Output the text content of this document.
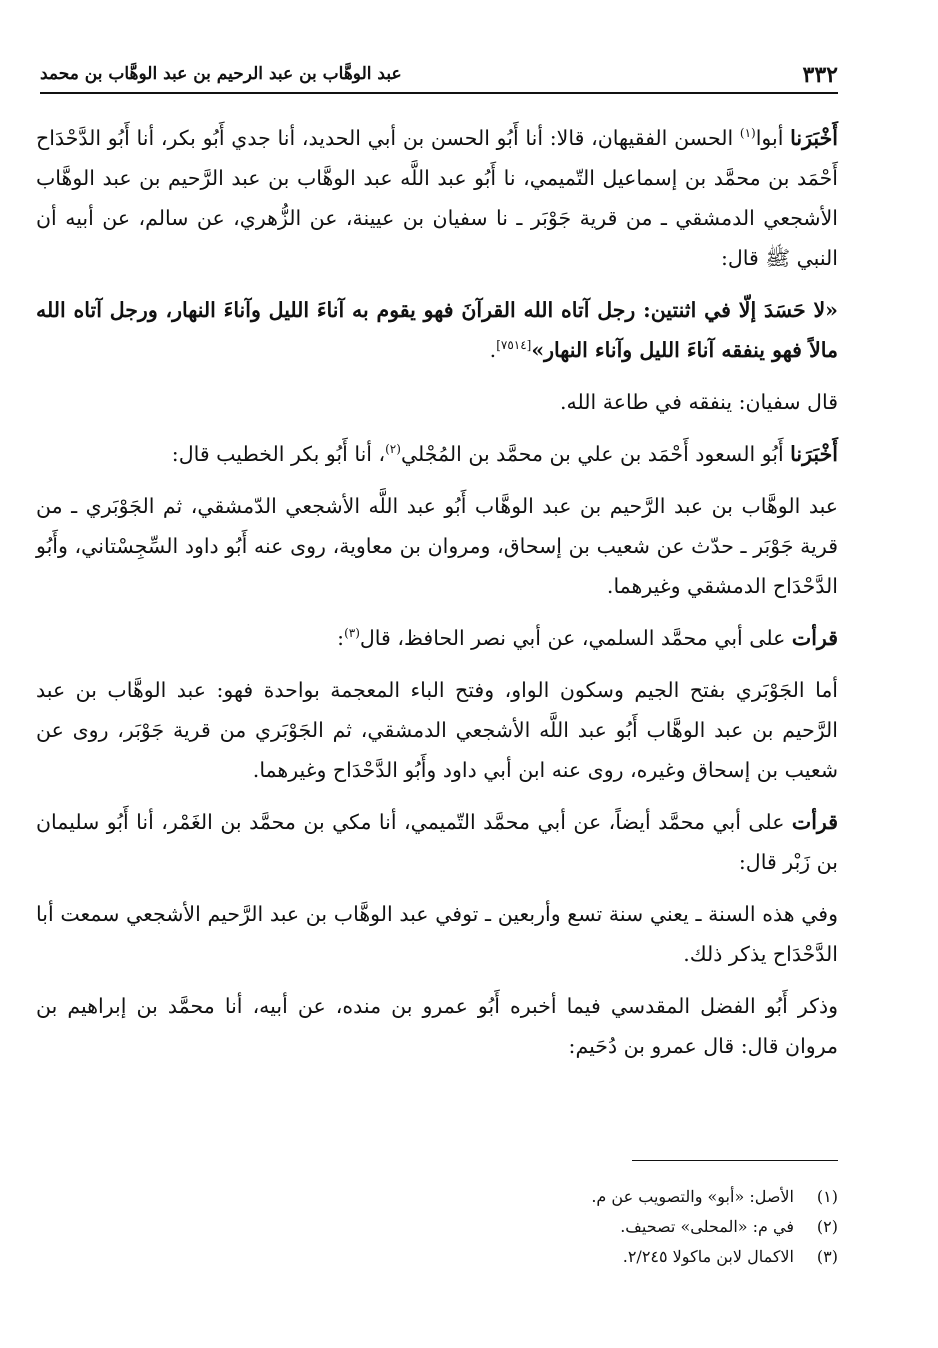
٣٣٢
عبد الوهَّاب بن عبد الرحيم بن عبد الوهَّاب بن محمد

أَخْبَرَنا أبوا$^{(١)}$ الحسن الفقيهان، قالا: أنا أَبُو الحسن بن أبي الحديد، أنا جدي أَبُو بكر، أنا أَبُو الدَّحْدَاح أَحْمَد بن محمَّد بن إسماعيل التّميمي، نا أَبُو عبد اللَّه عبد الوهَّاب بن عبد الرَّحيم بن عبد الوهَّاب الأشجعي الدمشقي ـ من قرية جَوْبَر ـ نا سفيان بن عيينة، عن الزُّهري، عن سالم، عن أبيه أن النبي ﷺ قال:

«لا حَسَدَ إلّا في اثنتين: رجل آتاه الله القرآنَ فهو يقوم به آناءَ الليل وآناءَ النهار، ورجل آتاه الله مالاً فهو ينفقه آناءَ الليل وآناء النهار»[٧٥١٤].

قال سفيان: ينفقه في طاعة الله.

أَخْبَرَنا أَبُو السعود أَحْمَد بن علي بن محمَّد بن المُجْلي$^{(٢)}$، أنا أَبُو بكر الخطيب قال:

عبد الوهَّاب بن عبد الرَّحيم بن عبد الوهَّاب أَبُو عبد اللَّه الأشجعي الدّمشقي، ثم الجَوْبَري ـ من قرية جَوْبَر ـ حدّث عن شعيب بن إسحاق، ومروان بن معاوية، روى عنه أَبُو داود السِّجِسْتاني، وأَبُو الدَّحْدَاح الدمشقي وغيرهما.

قرأت على أبي محمَّد السلمي، عن أبي نصر الحافظ، قال$^{(٣)}$:

أما الجَوْبَري بفتح الجيم وسكون الواو، وفتح الباء المعجمة بواحدة فهو: عبد الوهَّاب بن عبد الرَّحيم بن عبد الوهَّاب أَبُو عبد اللَّه الأشجعي الدمشقي، ثم الجَوْبَري من قرية جَوْبَر، روى عن شعيب بن إسحاق وغيره، روى عنه ابن أبي داود وأَبُو الدَّحْدَاح وغيرهما.

قرأت على أبي محمَّد أيضاً، عن أبي محمَّد التّميمي، أنا مكي بن محمَّد بن الغَمْر، أنا أَبُو سليمان بن زَبْر قال:

وفي هذه السنة ـ يعني سنة تسع وأربعين ـ توفي عبد الوهَّاب بن عبد الرَّحيم الأشجعي سمعت أبا الدَّحْدَاح يذكر ذلك.

وذكر أَبُو الفضل المقدسي فيما أخبره أَبُو عمرو بن منده، عن أبيه، أنا محمَّد بن إبراهيم بن مروان قال: قال عمرو بن دُحَيم:

(١)الأصل: «أبو» والتصويب عن م.
(٢)في م: «المحلى» تصحيف.
(٣)الاكمال لابن ماكولا ٢/٢٤٥.
